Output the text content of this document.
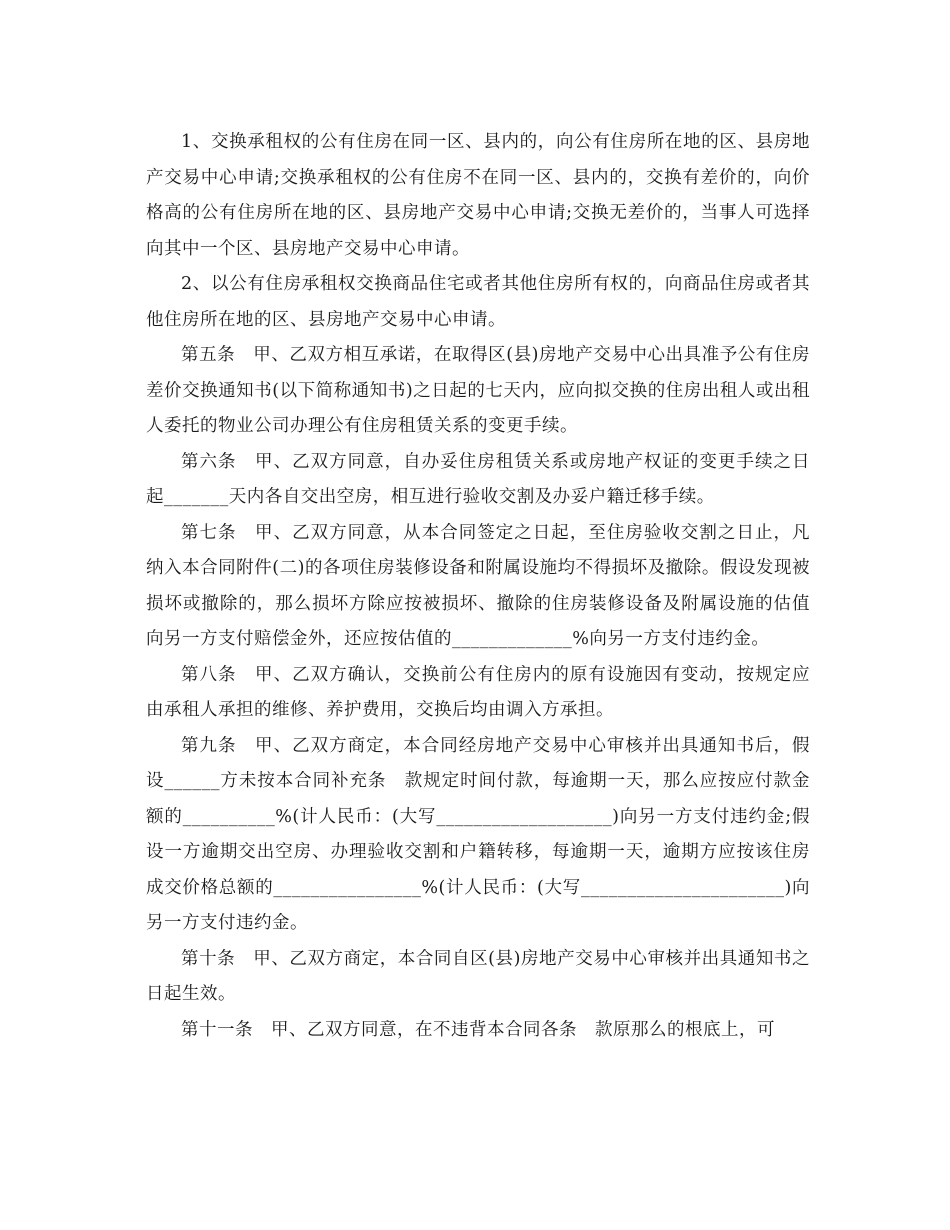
1、交换承租权的公有住房在同一区、县内的，向公有住房所在地的区、县房地产交易中心申请;交换承租权的公有住房不在同一区、县内的，交换有差价的，向价格高的公有住房所在地的区、县房地产交易中心申请;交换无差价的，当事人可选择向其中一个区、县房地产交易中心申请。

2、以公有住房承租权交换商品住宅或者其他住房所有权的，向商品住房或者其他住房所在地的区、县房地产交易中心申请。

第五条　甲、乙双方相互承诺，在取得区(县)房地产交易中心出具准予公有住房差价交换通知书(以下简称通知书)之日起的七天内，应向拟交换的住房出租人或出租人委托的物业公司办理公有住房租赁关系的变更手续。

第六条　甲、乙双方同意，自办妥住房租赁关系或房地产权证的变更手续之日起_______天内各自交出空房，相互进行验收交割及办妥户籍迁移手续。

第七条　甲、乙双方同意，从本合同签定之日起，至住房验收交割之日止，凡纳入本合同附件(二)的各项住房装修设备和附属设施均不得损坏及撤除。假设发现被损坏或撤除的，那么损坏方除应按被损坏、撤除的住房装修设备及附属设施的估值向另一方支付赔偿金外，还应按估值的_____________%向另一方支付违约金。

第八条　甲、乙双方确认，交换前公有住房内的原有设施因有变动，按规定应由承租人承担的维修、养护费用，交换后均由调入方承担。

第九条　甲、乙双方商定，本合同经房地产交易中心审核并出具通知书后，假设______方未按本合同补充条　款规定时间付款，每逾期一天，那么应按应付款金额的__________%(计人民币：(大写___________________)向另一方支付违约金;假设一方逾期交出空房、办理验收交割和户籍转移，每逾期一天，逾期方应按该住房成交价格总额的________________%(计人民币：(大写______________________)向另一方支付违约金。

第十条　甲、乙双方商定，本合同自区(县)房地产交易中心审核并出具通知书之日起生效。

第十一条　甲、乙双方同意，在不违背本合同各条　款原那么的根底上，可
